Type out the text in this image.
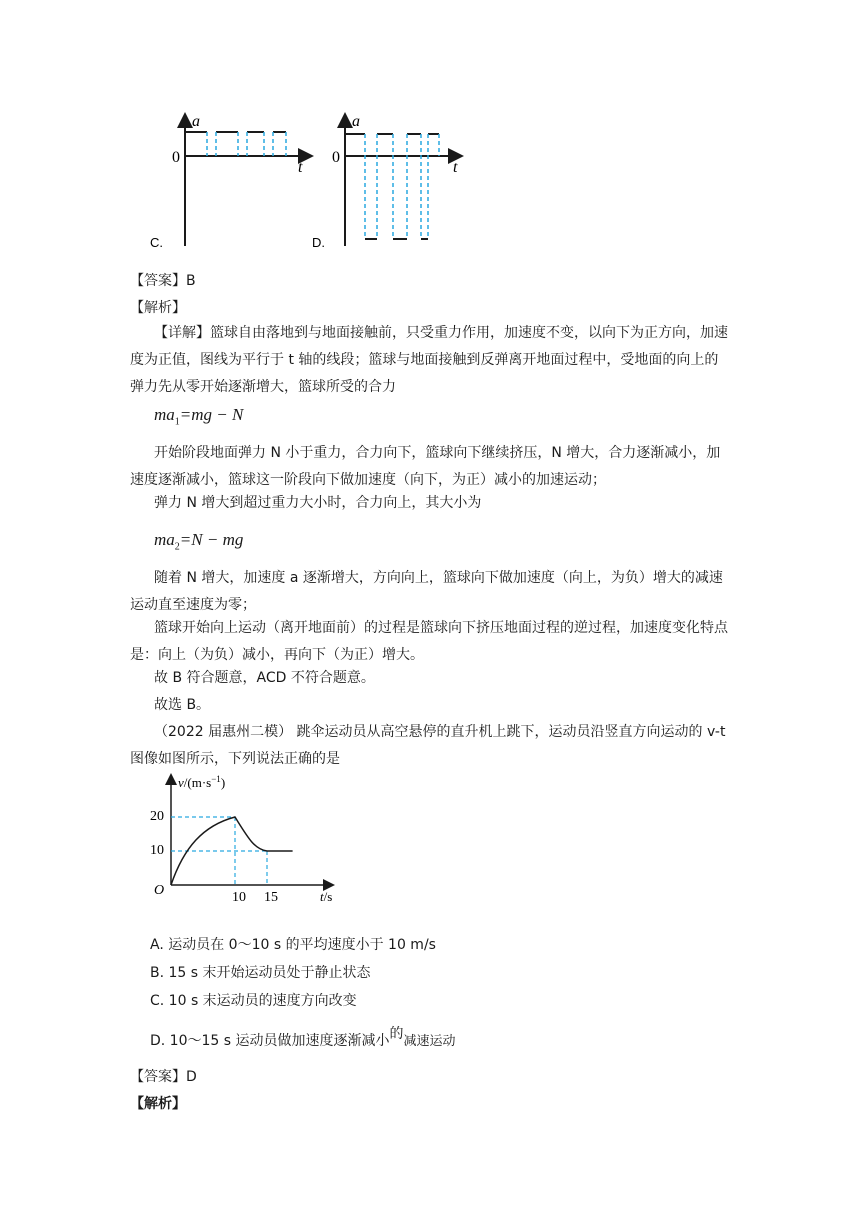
a
t
0
C.
a
t
0
D.
【答案】B
【解析】
【详解】篮球自由落地到与地面接触前，只受重力作用，加速度不变，以向下为正方向，加速度为正值，图线为平行于 t 轴的线段；篮球与地面接触到反弹离开地面过程中，受地面的向上的弹力先从零开始逐渐增大，篮球所受的合力
$ma_1=mg - N$
开始阶段地面弹力 N 小于重力，合力向下，篮球向下继续挤压，N 增大，合力逐渐减小，加速度逐渐减小，篮球这一阶段向下做加速度（向下，为正）减小的加速运动；
弹力 N 增大到超过重力大小时，合力向上，其大小为
$ma_2=N$ − mg
随着 N 增大，加速度 a 逐渐增大，方向向上，篮球向下做加速度（向上，为负）增大的减速运动直至速度为零；
篮球开始向上运动（离开地面前）的过程是篮球向下挤压地面过程的逆过程，加速度变化特点是：向上（为负）减小，再向下（为正）增大。
故 B 符合题意，ACD 不符合题意。
故选 B。
（2022 届惠州二模） 跳伞运动员从高空悬停的直升机上跳下，运动员沿竖直方向运动的 v-t 图像如图所示，下列说法正确的是
$v/(m\cdot s^{-1})$
20
10
O	10 15	t/s
A. 运动员在 0～10 s 的平均速度小于 10 m/s
B. 15 s 末开始运动员处于静止状态
C. 10 s 末运动员的速度方向改变
D. 10～15 s 运动员做加速度逐渐减小的减速运动
【答案】D
【解析】
